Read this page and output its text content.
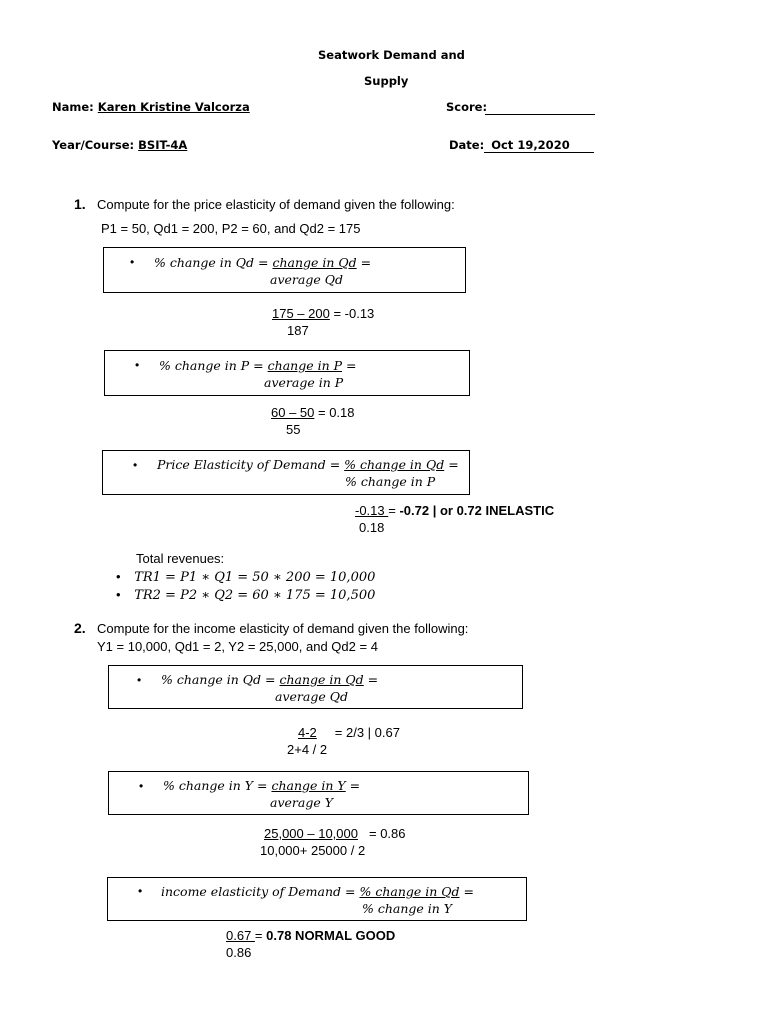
Seatwork Demand and
Supply
Name: Karen Kristine Valcorza	Score:
Year/Course: BSIT-4A	Date: Oct 19,2020
1. Compute for the price elasticity of demand given the following:
P1 = 50, Qd1 = 200, P2 = 60, and Qd2 = 175
• % change in Qd = change in Qd =
average Qd
175 – 200 = -0.13
187
• % change in P = change in P =
average in P
60 – 50 = 0.18
55
• Price Elasticity of Demand = % change in Qd =
% change in P
-0.13 = -0.72 | or 0.72 INELASTIC
0.18
Total revenues:
• TR1 = P1 ∗ Q1 = 50 ∗ 200 = 10,000
• TR2 = P2 ∗ Q2 = 60 ∗ 175 = 10,500
2. Compute for the income elasticity of demand given the following:
Y1 = 10,000, Qd1 = 2, Y2 = 25,000, and Qd2 = 4
• % change in Qd = change in Qd =
average Qd
4-2 = 2/3 | 0.67
2+4 / 2
• % change in Y = change in Y =
average Y
25,000 – 10,000 = 0.86
10,000+ 25000 / 2
• income elasticity of Demand = % change in Qd =
% change in Y
0.67 = 0.78 NORMAL GOOD
0.86
